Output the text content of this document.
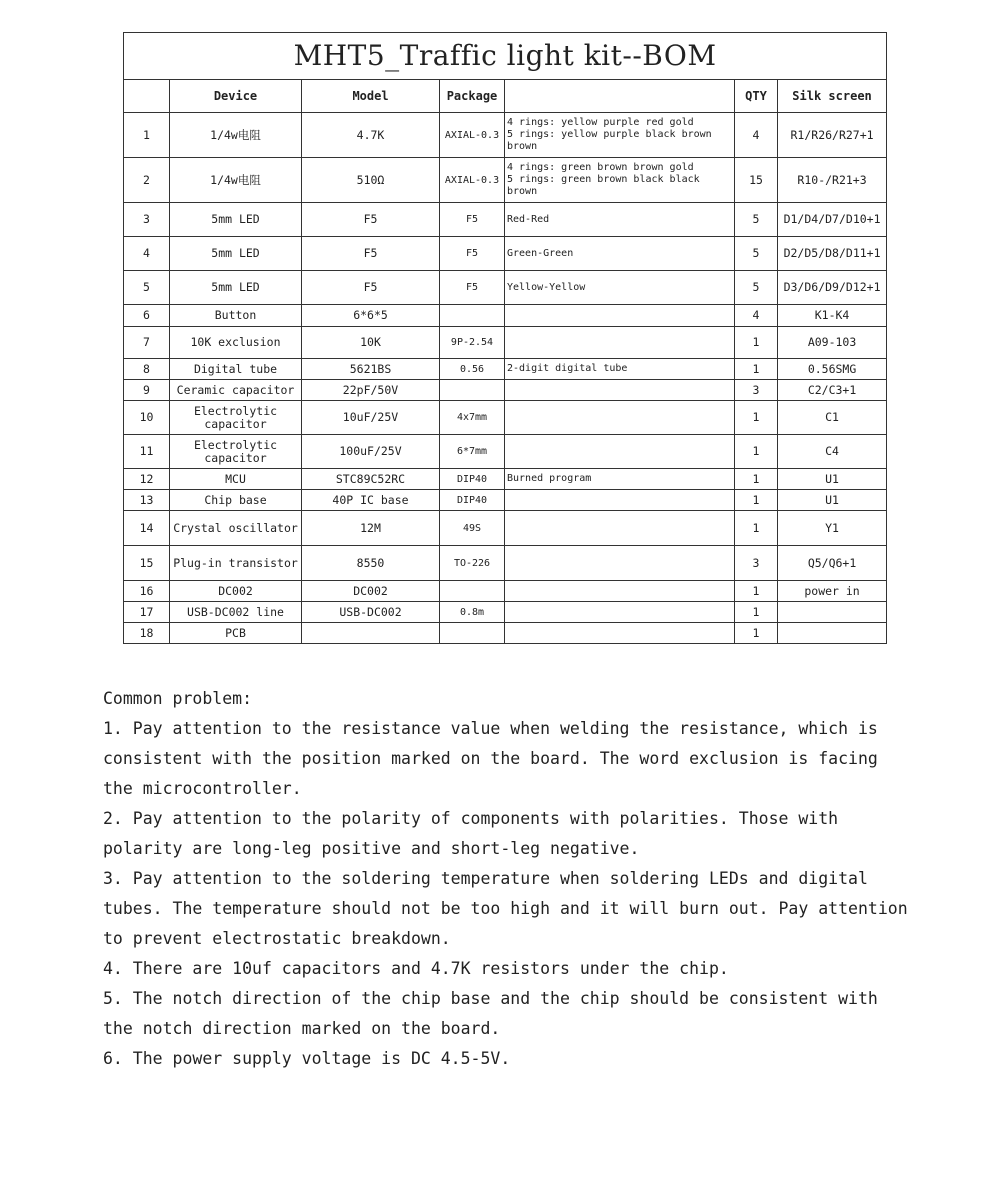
MHT5_Traffic light kit--BOM						
	Device	Model	Package		QTY	Silk screen
1	1/4w电阻	4.7K	AXIAL-0.3	4 rings: yellow purple red gold
5 rings: yellow purple black brown
brown	4	R1/R26/R27+1
2	1/4w电阻	510Ω	AXIAL-0.3	4 rings: green brown brown gold
5 rings: green brown black black brown	15	R10-/R21+3
3	5mm LED	F5	F5	Red-Red	5	D1/D4/D7/D10+1
4	5mm LED	F5	F5	Green-Green	5	D2/D5/D8/D11+1
5	5mm LED	F5	F5	Yellow-Yellow	5	D3/D6/D9/D12+1
6	Button	6*6*5			4	K1-K4
7	10K exclusion	10K	9P-2.54		1	A09-103
8	Digital tube	5621BS	0.56	2-digit digital tube	1	0.56SMG
9	Ceramic capacitor	22pF/50V			3	C2/C3+1
10	Electrolytic capacitor	10uF/25V	4x7mm		1	C1
11	Electrolytic capacitor	100uF/25V	6*7mm		1	C4
12	MCU	STC89C52RC	DIP40	Burned program	1	U1
13	Chip base	40P IC base	DIP40		1	U1
14	Crystal oscillator	12M	49S		1	Y1
15	Plug-in transistor	8550	TO-226		3	Q5/Q6+1
16	DC002	DC002			1	power in
17	USB-DC002 line	USB-DC002	0.8m		1	
18	PCB				1	

Common problem:

1. Pay attention to the resistance value when welding the resistance, which is consistent with the position marked on the board. The word exclusion is facing the microcontroller.

2. Pay attention to the polarity of components with polarities. Those with polarity are long-leg positive and short-leg negative.

3. Pay attention to the soldering temperature when soldering LEDs and digital tubes. The temperature should not be too high and it will burn out. Pay attention to prevent electrostatic breakdown.

4. There are 10uf capacitors and 4.7K resistors under the chip.

5. The notch direction of the chip base and the chip should be consistent with the notch direction marked on the board.

6. The power supply voltage is DC 4.5-5V.
